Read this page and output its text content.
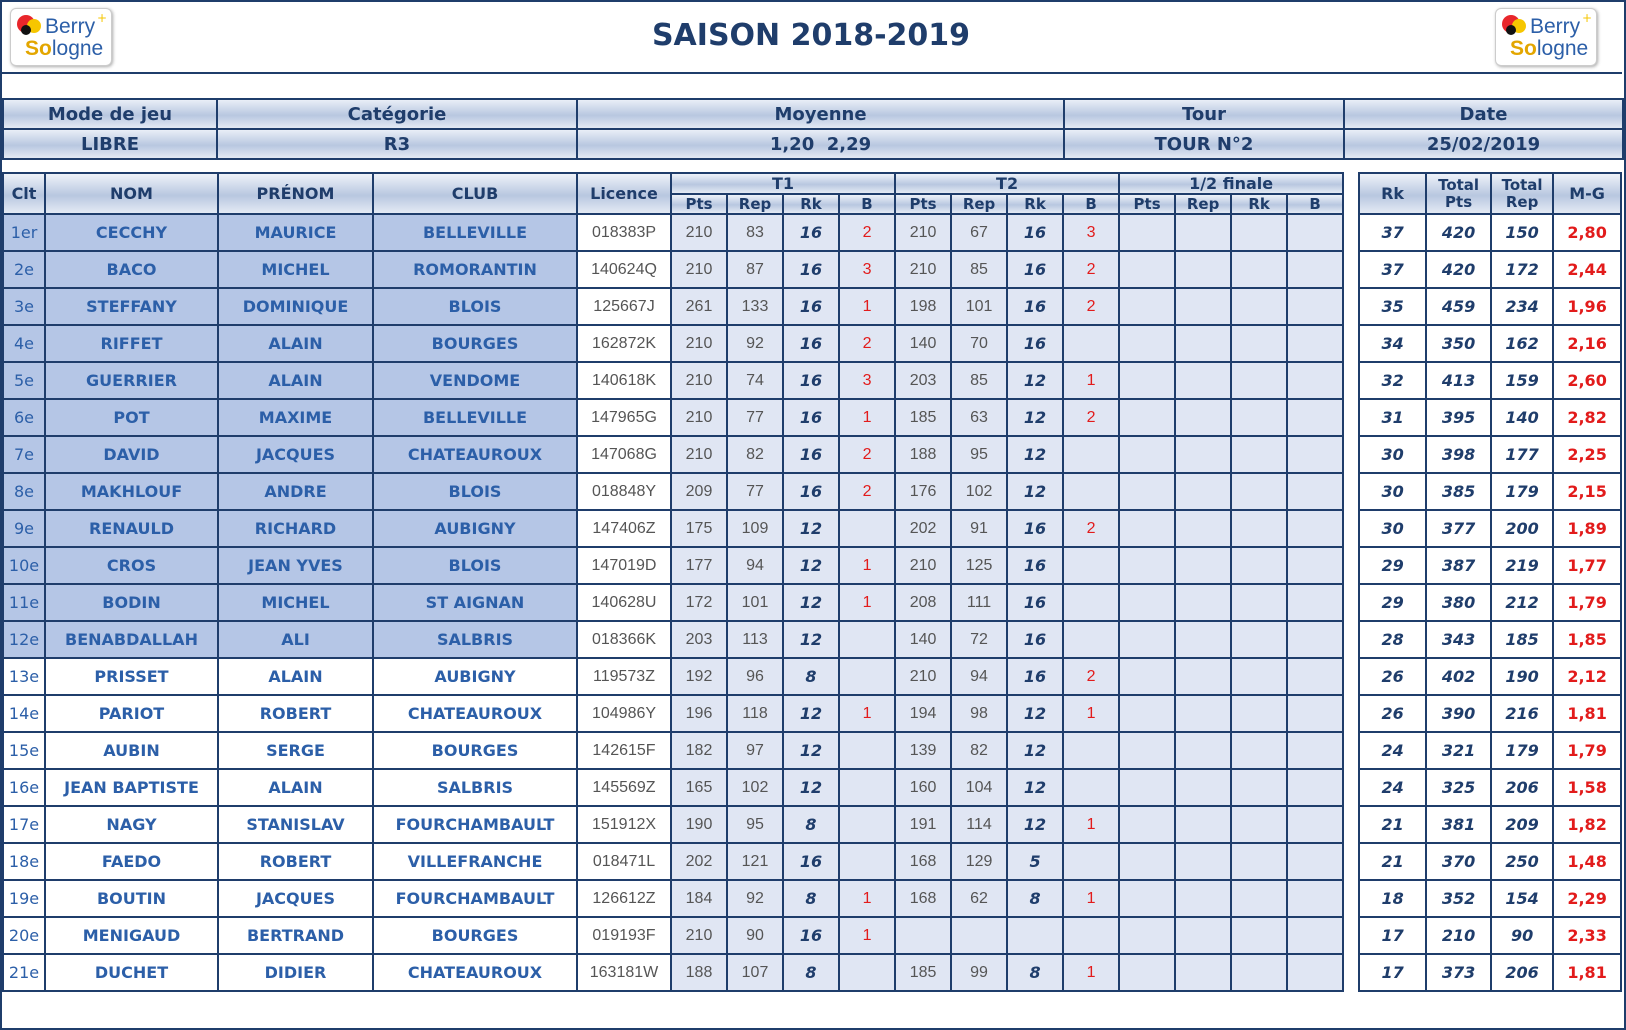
Berry
Sologne
+	SAISON 2018-2019	Berry
Sologne
+
Mode de jeu	Catégorie	Moyenne	Tour	Date
LIBRE	R3	1,20  2,29	TOUR N°2	25/02/2019
Clt	NOM	PRÉNOM	CLUB	Licence	T1				T2				1/2 finale					Rk	Total Pts	Total Rep	M-G
					Pts	Rep	Rk	B	Pts	Rep	Rk	B	Pts	Rep	Rk	B					
1er	CECCHY	MAURICE	BELLEVILLE	018383P	210	83	16	2	210	67	16	3						37	420	150	2,80
2e	BACO	MICHEL	ROMORANTIN	140624Q	210	87	16	3	210	85	16	2						37	420	172	2,44
3e	STEFFANY	DOMINIQUE	BLOIS	125667J	261	133	16	1	198	101	16	2						35	459	234	1,96
4e	RIFFET	ALAIN	BOURGES	162872K	210	92	16	2	140	70	16							34	350	162	2,16
5e	GUERRIER	ALAIN	VENDOME	140618K	210	74	16	3	203	85	12	1						32	413	159	2,60
6e	POT	MAXIME	BELLEVILLE	147965G	210	77	16	1	185	63	12	2						31	395	140	2,82
7e	DAVID	JACQUES	CHATEAUROUX	147068G	210	82	16	2	188	95	12							30	398	177	2,25
8e	MAKHLOUF	ANDRE	BLOIS	018848Y	209	77	16	2	176	102	12							30	385	179	2,15
9e	RENAULD	RICHARD	AUBIGNY	147406Z	175	109	12		202	91	16	2						30	377	200	1,89
10e	CROS	JEAN YVES	BLOIS	147019D	177	94	12	1	210	125	16							29	387	219	1,77
11e	BODIN	MICHEL	ST AIGNAN	140628U	172	101	12	1	208	111	16							29	380	212	1,79
12e	BENABDALLAH	ALI	SALBRIS	018366K	203	113	12		140	72	16							28	343	185	1,85
13e	PRISSET	ALAIN	AUBIGNY	119573Z	192	96	8		210	94	16	2						26	402	190	2,12
14e	PARIOT	ROBERT	CHATEAUROUX	104986Y	196	118	12	1	194	98	12	1						26	390	216	1,81
15e	AUBIN	SERGE	BOURGES	142615F	182	97	12		139	82	12							24	321	179	1,79
16e	JEAN BAPTISTE	ALAIN	SALBRIS	145569Z	165	102	12		160	104	12							24	325	206	1,58
17e	NAGY	STANISLAV	FOURCHAMBAULT	151912X	190	95	8		191	114	12	1						21	381	209	1,82
18e	FAEDO	ROBERT	VILLEFRANCHE	018471L	202	121	16		168	129	5							21	370	250	1,48
19e	BOUTIN	JACQUES	FOURCHAMBAULT	126612Z	184	92	8	1	168	62	8	1						18	352	154	2,29
20e	MENIGAUD	BERTRAND	BOURGES	019193F	210	90	16	1										17	210	90	2,33
21e	DUCHET	DIDIER	CHATEAUROUX	163181W	188	107	8		185	99	8	1						17	373	206	1,81
